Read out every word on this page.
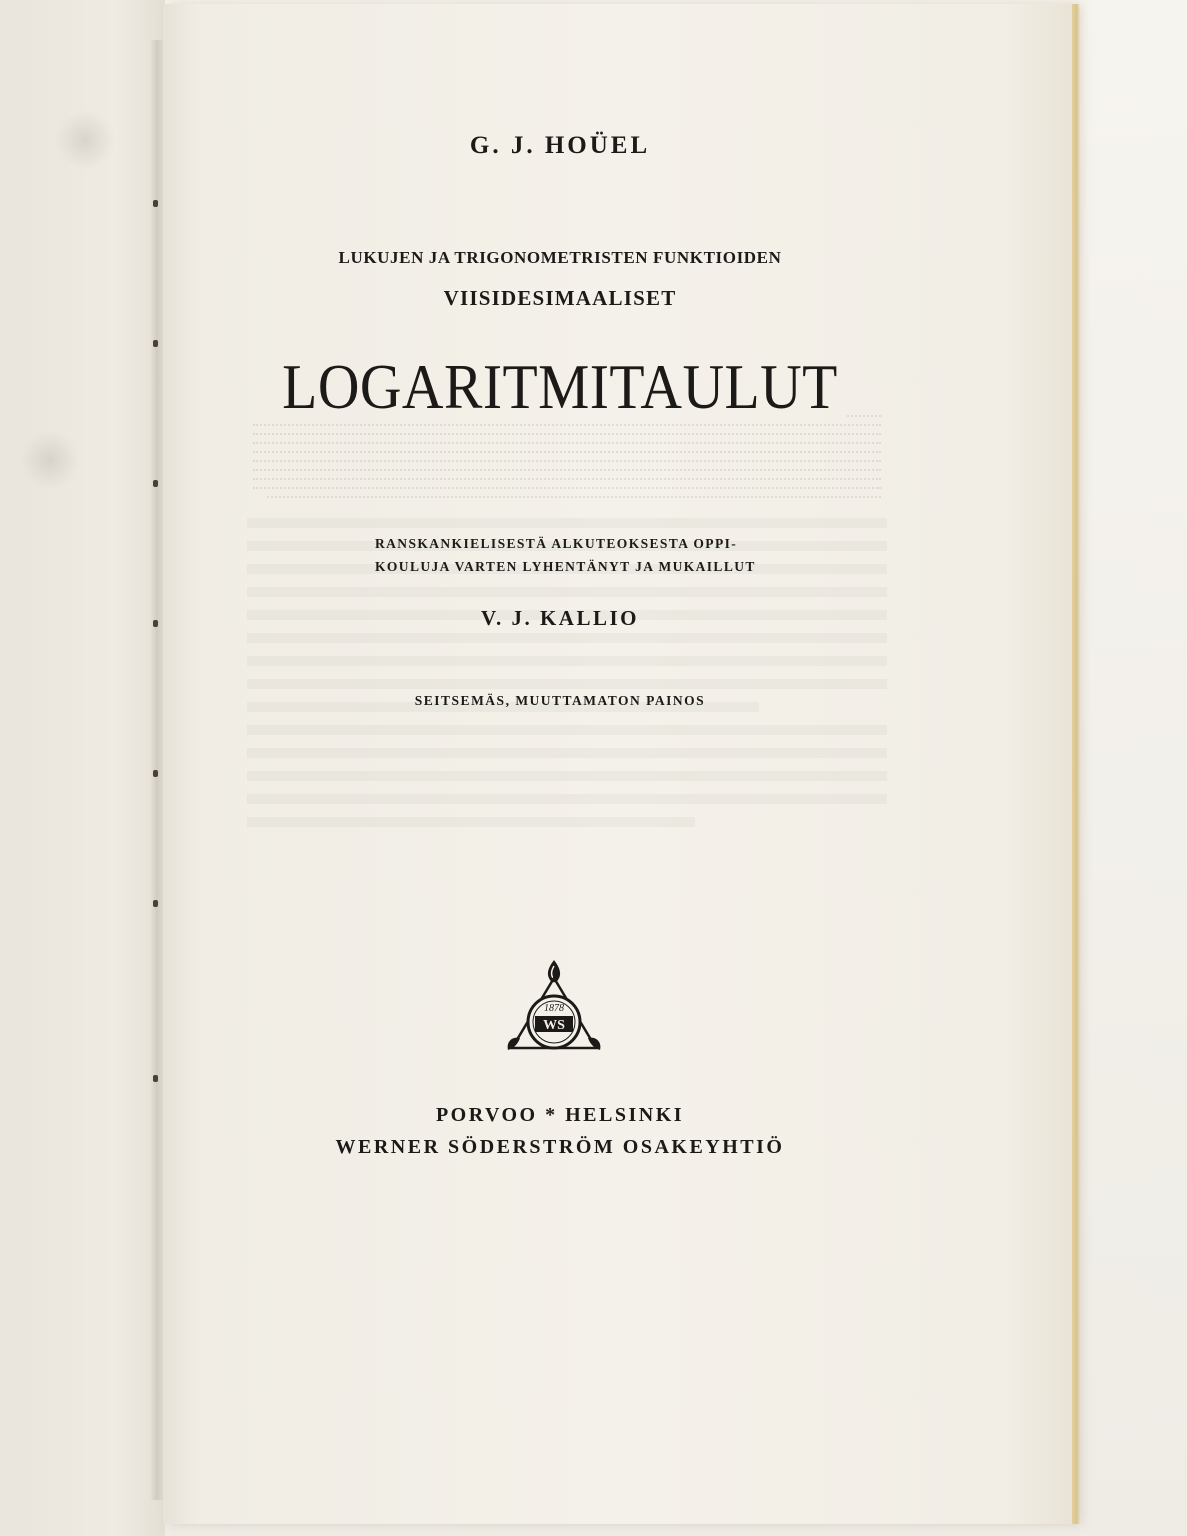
G. J. HOÜEL
LUKUJEN JA TRIGONOMETRISTEN FUNKTIOIDEN
VIISIDESIMAALISET
LOGARITMITAULUT
RANSKANKIELISESTÄ ALKUTEOKSESTA OPPI-
KOULUJA VARTEN LYHENTÄNYT JA MUKAILLUT
V. J. KALLIO
SEITSEMÄS, MUUTTAMATON PAINOS
1878
WS
PORVOO * HELSINKI
WERNER SÖDERSTRÖM OSAKEYHTIÖ
